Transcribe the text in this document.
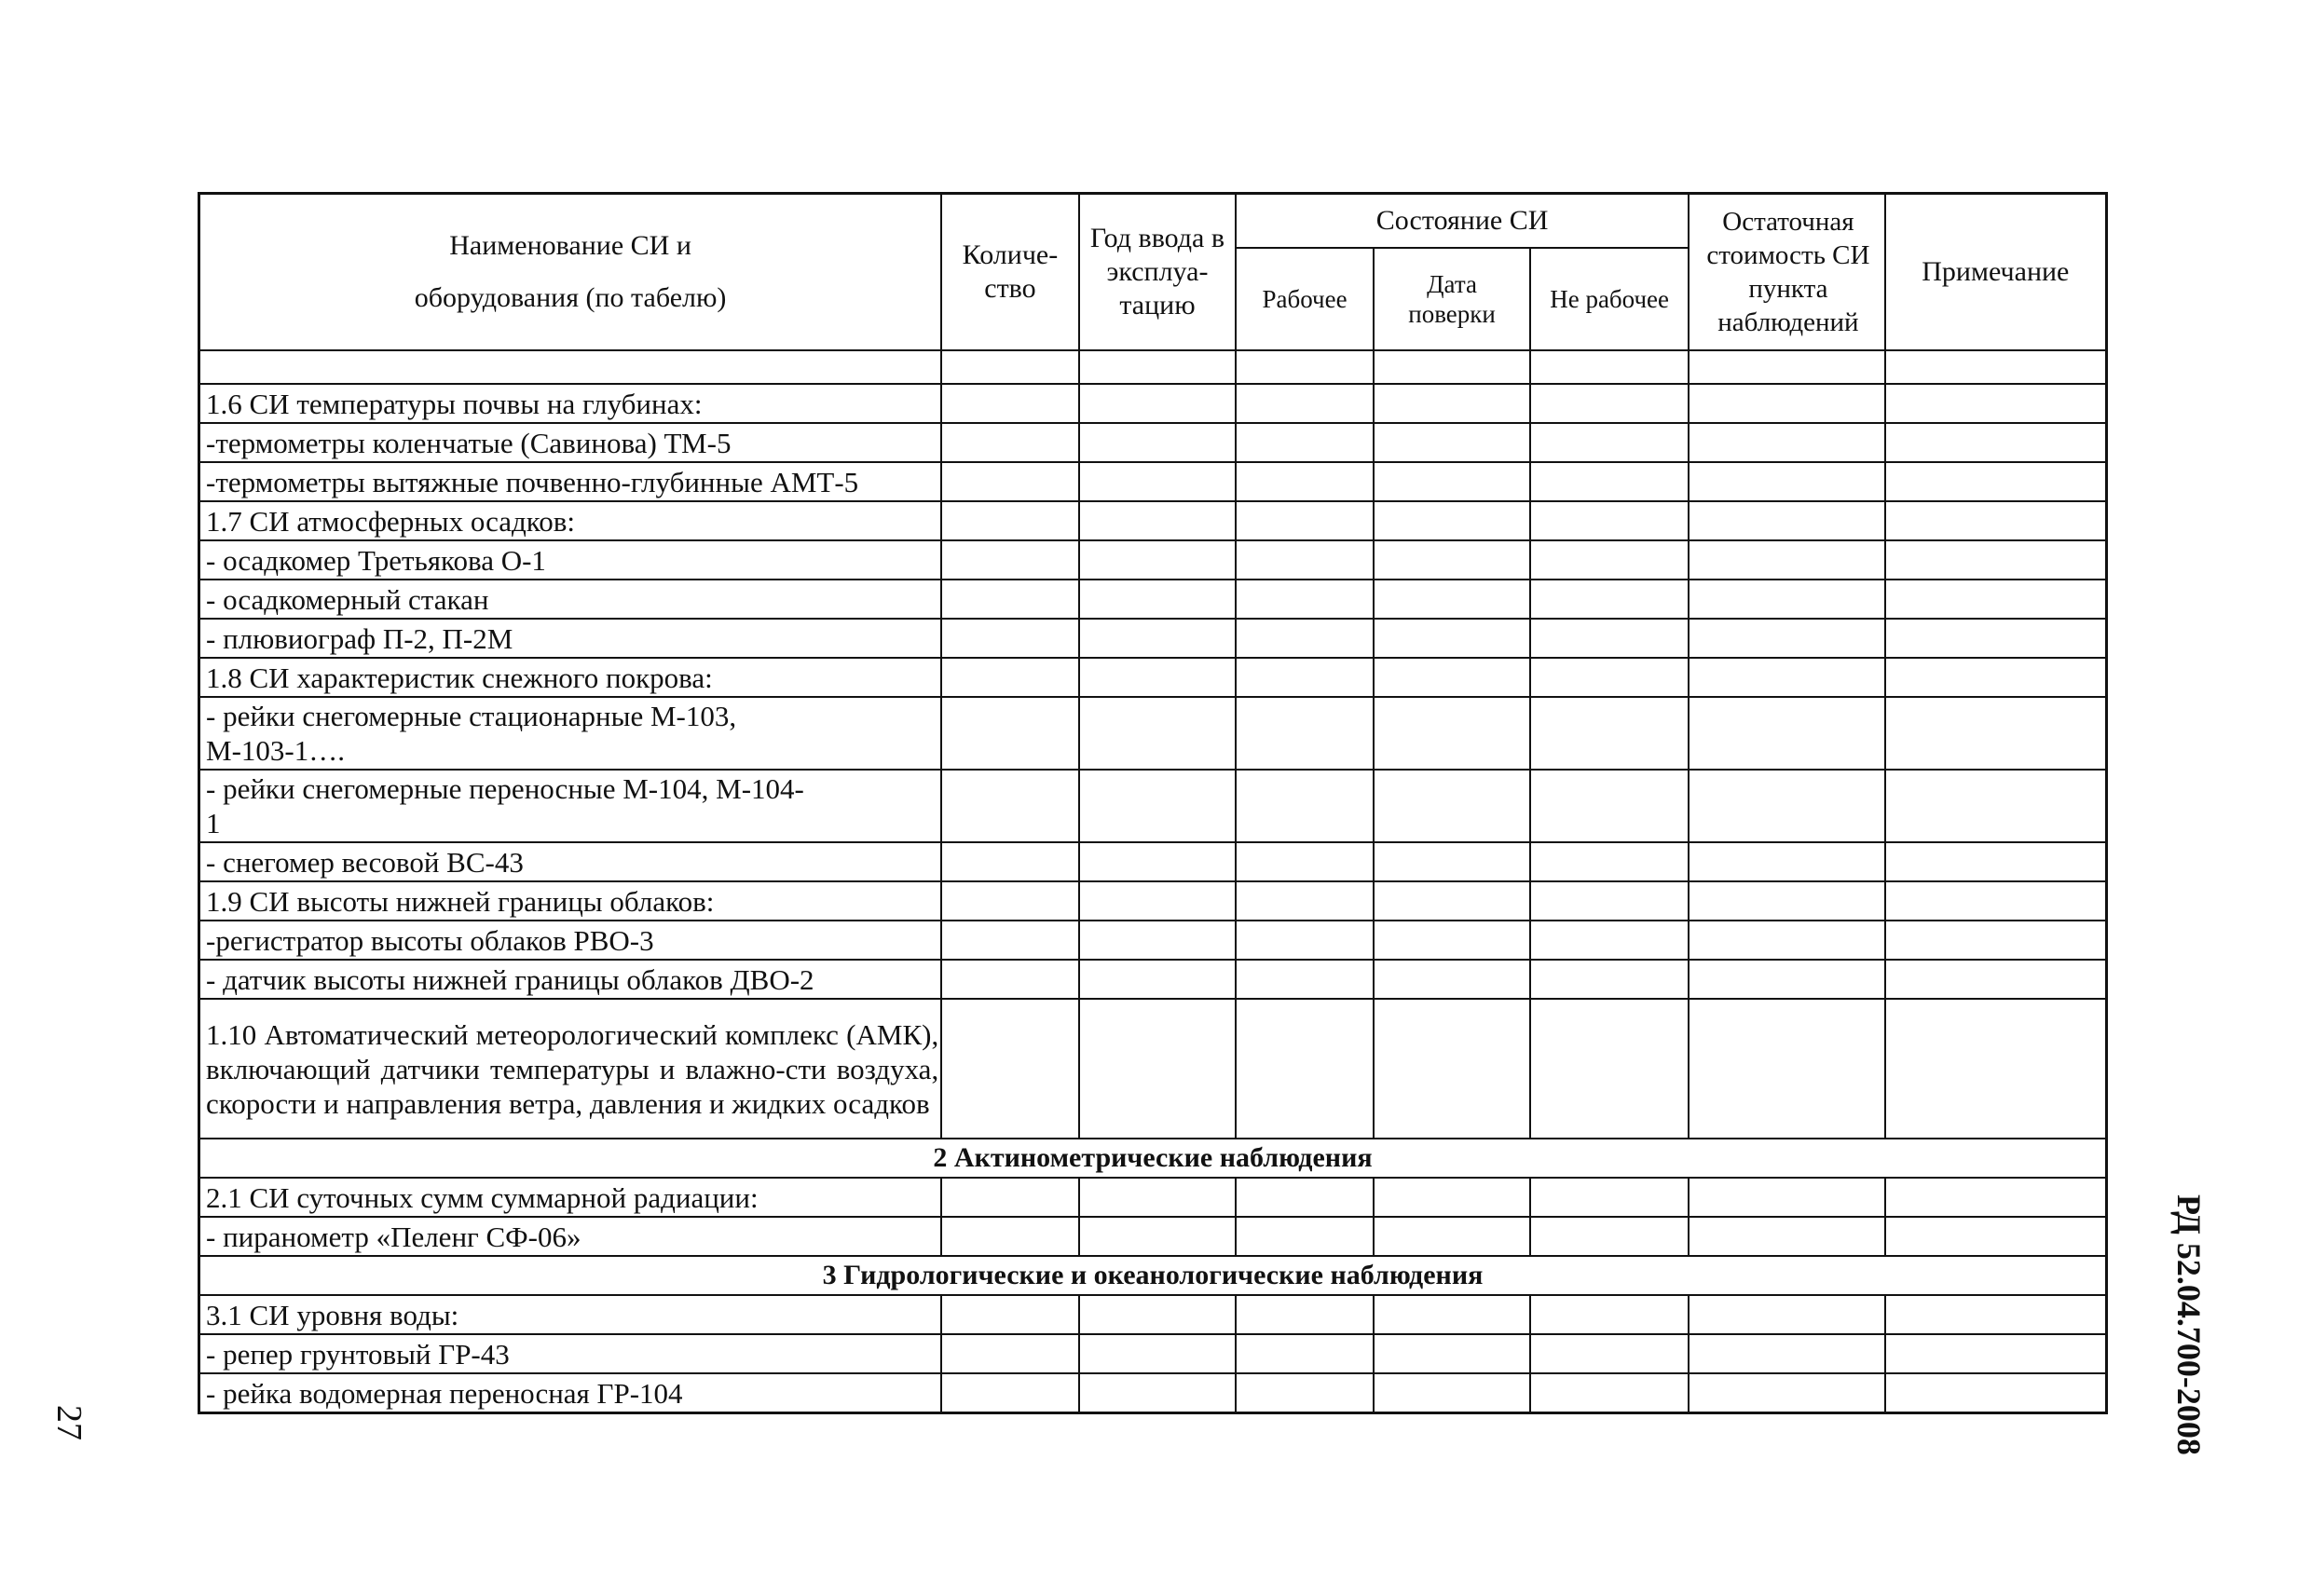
Наименование СИ и оборудования (по табелю)	Количе-ство	Год ввода в эксплуа-тацию	Состояние СИ			Остаточная стоимость СИ пункта наблюдений	Примечание
			Рабочее	Дата поверки	Не рабочее		

1.6 СИ температуры почвы на глубинах:							
-термометры коленчатые (Савинова) ТМ-5							
-термометры вытяжные почвенно-глубинные АМТ-5							
1.7 СИ атмосферных осадков:							
- осадкомер Третьякова О-1							
- осадкомерный стакан							
- плювиограф П-2, П-2М							
1.8 СИ характеристик снежного покрова:							
- рейки снегомерные стационарные М-103, М-103-1….							
- рейки снегомерные переносные М-104, М-104-1							
- снегомер весовой ВС-43							
1.9 СИ высоты нижней границы облаков:							
-регистратор высоты облаков РВО-3							
- датчик высоты нижней границы облаков ДВО-2							
1.10 Автоматический метеорологический комплекс (АМК), включающий датчики температуры и влажно-сти воздуха, скорости и направления ветра, давления и жидких осадков							
2 Актинометрические наблюдения							
2.1 СИ суточных сумм суммарной радиации:							
- пиранометр «Пеленг СФ-06»							
3 Гидрологические и океанологические наблюдения							
3.1 СИ уровня воды:							
- репер грунтовый ГР-43							
- рейка водомерная переносная ГР-104								РД 52.04.700-2008
27
